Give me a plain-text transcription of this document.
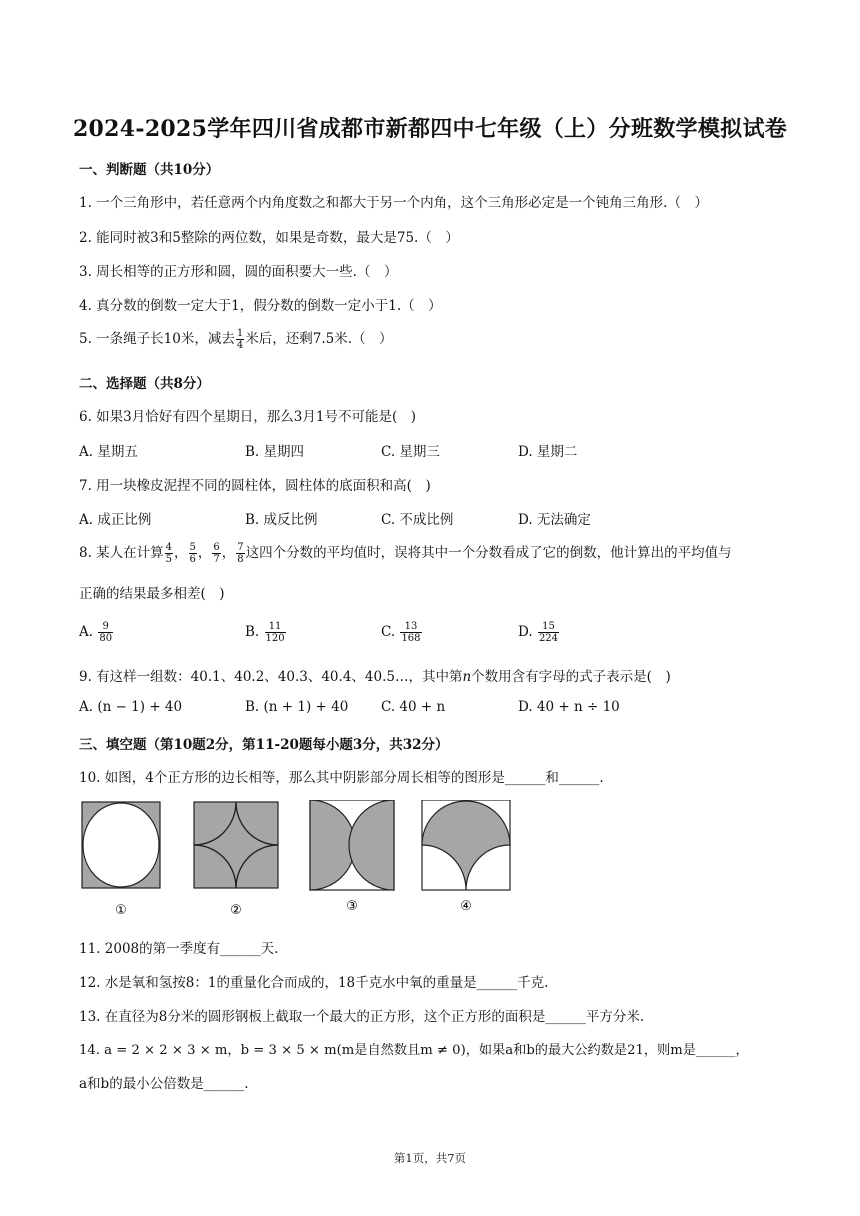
2024-2025学年四川省成都市新都四中七年级（上）分班数学模拟试卷
一、判断题（共10分）
1. 一个三角形中，若任意两个内角度数之和都大于另一个内角，这个三角形必定是一个钝角三角形.（　）
2. 能同时被3和5整除的两位数，如果是奇数，最大是75.（　）
3. 周长相等的正方形和圆，圆的面积要大一些.（　）
4. 真分数的倒数一定大于1，假分数的倒数一定小于1.（　）
5. 一条绳子长10米，减去 $\frac{1}{4}$ 米后，还剩7.5米.（　）
二、选择题（共8分）
6. 如果3月恰好有四个星期日，那么3月1号不可能是(　)
A. 星期五	B. 星期四	C. 星期三	D. 星期二
7. 用一块橡皮泥捏不同的圆柱体，圆柱体的底面积和高(　)
A. 成正比例	B. 成反比例	C. 不成比例	D. 无法确定
8. 某人在计算 $\frac{4}{5}$ ， $\frac{5}{6}$ ， $\frac{6}{7}$ ， $\frac{7}{8}$ 这四个分数的平均值时，误将其中一个分数看成了它的倒数，他计算出的平均值与
正确的结果最多相差(　)
A. $\frac{9}{80}$	B. $\frac{11}{120}$	C. $\frac{13}{168}$	D. $\frac{15}{224}$
9. 有这样一组数：40.1、40.2、40.3、40.4、40.5…，其中第n个数用含有字母的式子表示是(　)
A. (n − 1) + 40	B. (n + 1) + 40 C. 40 + n	D. 40 + n ÷ 10
三、填空题（第10题2分，第11-20题每小题3分，共32分）
10. 如图，4个正方形的边长相等，那么其中阴影部分周长相等的图形是______和______.
①	②	③	④
11. 2008的第一季度有______天.
12. 水是氧和氢按8：1的重量化合而成的，18千克水中氧的重量是______千克.
13. 在直径为8分米的圆形钢板上截取一个最大的正方形，这个正方形的面积是______平方分米.
14. a = 2 × 2 × 3 × m，b = 3 × 5 × m(m是自然数且m ≠ 0)，如果a和b的最大公约数是21，则m是______，
a和b的最小公倍数是______.
第1页，共7页
